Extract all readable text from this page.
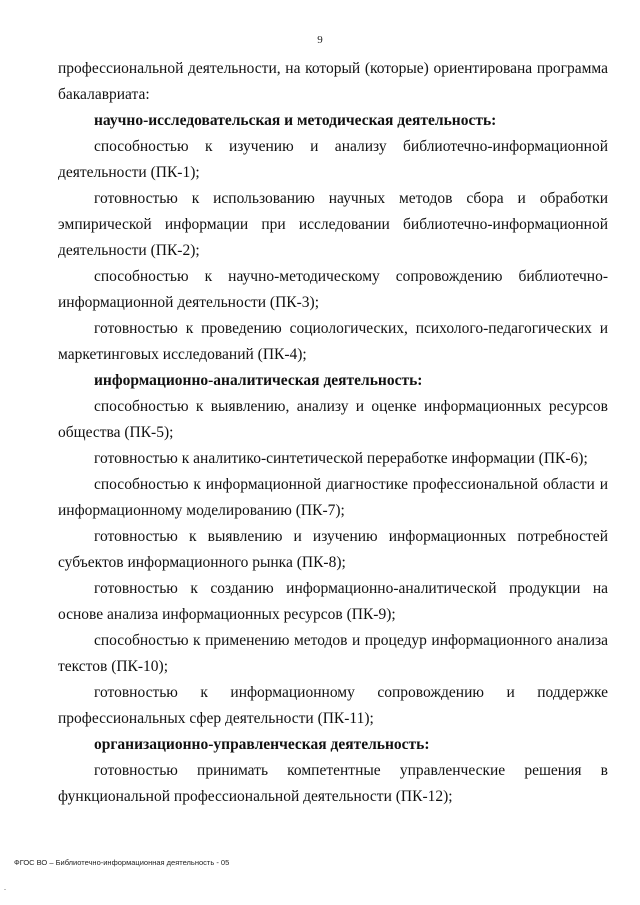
9

профессиональной деятельности, на который (которые) ориентирована программа бакалавриата:

научно-исследовательская и методическая деятельность:

способностью к изучению и анализу библиотечно-информационной деятельности (ПК-1);

готовностью к использованию научных методов сбора и обработки эмпирической информации при исследовании библиотечно-информационной деятельности (ПК-2);

способностью к научно-методическому сопровождению библиотечно-информационной деятельности (ПК-3);

готовностью к проведению социологических, психолого-педагогических и маркетинговых исследований (ПК-4);

информационно-аналитическая деятельность:

способностью к выявлению, анализу и оценке информационных ресурсов общества (ПК-5);

готовностью к аналитико-синтетической переработке информации (ПК-6);

способностью к информационной диагностике профессиональной области и информационному моделированию (ПК-7);

готовностью к выявлению и изучению информационных потребностей субъектов информационного рынка (ПК-8);

готовностью к созданию информационно-аналитической продукции на основе анализа информационных ресурсов (ПК-9);

способностью к применению методов и процедур информационного анализа текстов (ПК-10);

готовностью к информационному сопровождению и поддержке профессиональных сфер деятельности (ПК-11);

организационно-управленческая деятельность:

готовностью принимать компетентные управленческие решения в функциональной профессиональной деятельности (ПК-12);

ФГОС ВО – Библиотечно-информационная деятельность - 05
.
